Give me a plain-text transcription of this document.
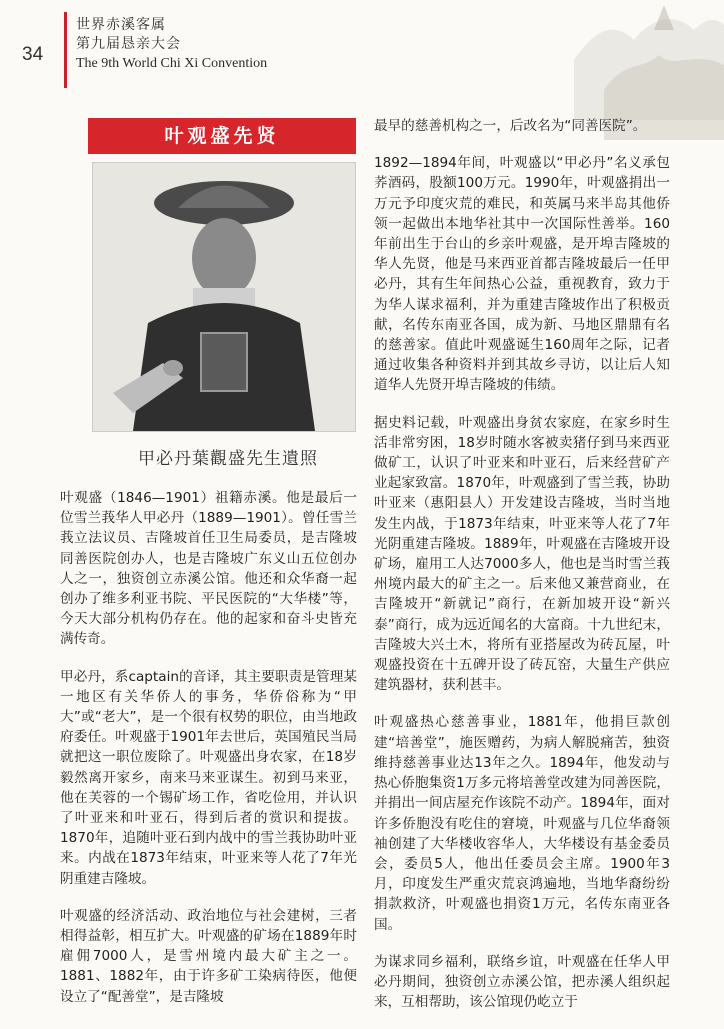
34
世界赤溪客属
第九届恳亲大会
The 9th World Chi Xi Convention
叶观盛先贤
甲必丹葉觀盛先生遺照

叶观盛（1846—1901）祖籍赤溪。他是最后一位雪兰莪华人甲必丹（1889—1901）。曾任雪兰莪立法议员、吉隆坡首任卫生局委员，是吉隆坡同善医院创办人，也是吉隆坡广东义山五位创办人之一，独资创立赤溪公馆。他还和众华裔一起创办了维多利亚书院、平民医院的“大华楼”等，今天大部分机构仍存在。他的起家和奋斗史皆充满传奇。

甲必丹，系captain的音译，其主要职责是管理某一地区有关华侨人的事务，华侨俗称为“甲大”或“老大”，是一个很有权势的职位，由当地政府委任。叶观盛于1901年去世后，英国殖民当局就把这一职位废除了。叶观盛出身农家，在18岁毅然离开家乡，南来马来亚谋生。初到马来亚，他在芙蓉的一个锡矿场工作，省吃俭用，并认识了叶亚来和叶亚石，得到后者的赏识和提拔。1870年，追随叶亚石到内战中的雪兰莪协助叶亚来。内战在1873年结束，叶亚来等人花了7年光阴重建吉隆坡。

叶观盛的经济活动、政治地位与社会建树，三者相得益彰，相互扩大。叶观盛的矿场在1889年时雇佣7000人，是雪州境内最大矿主之一。1881、1882年，由于许多矿工染病待医，他便设立了“配善堂”，是吉隆坡

最早的慈善机构之一，后改名为“同善医院”。

1892—1894年间，叶观盛以“甲必丹”名义承包荞酒码，股额100万元。1990年，叶观盛捐出一万元予印度灾荒的难民，和英属马来半岛其他侨领一起做出本地华社其中一次国际性善举。160年前出生于台山的乡亲叶观盛，是开埠吉隆坡的华人先贤，他是马来西亚首都吉隆坡最后一任甲必丹，其有生年间热心公益，重视教育，致力于为华人谋求福利，并为重建吉隆坡作出了积极贡献，名传东南亚各国，成为新、马地区鼎鼎有名的慈善家。值此叶观盛诞生160周年之际，记者通过收集各种资料并到其故乡寻访，以让后人知道华人先贤开埠吉隆坡的伟绩。

据史料记载，叶观盛出身贫农家庭，在家乡时生活非常穷困，18岁时随水客被卖猪仔到马来西亚做矿工，认识了叶亚来和叶亚石，后来经营矿产业起家致富。1870年，叶观盛到了雪兰莪，协助叶亚来（惠阳县人）开发建设吉隆坡，当时当地发生内战，于1873年结束，叶亚来等人花了7年光阴重建吉隆坡。1889年，叶观盛在吉隆坡开设矿场，雇用工人达7000多人，他也是当时雪兰莪州境内最大的矿主之一。后来他又兼营商业，在吉隆坡开“新就记”商行，在新加坡开设“新兴泰”商行，成为远近闻名的大富商。十九世纪末，吉隆坡大兴土木，将所有亚搭屋改为砖瓦屋，叶观盛投资在十五碑开设了砖瓦窑，大量生产供应建筑器材，获利甚丰。

叶观盛热心慈善事业，1881年，他捐巨款创建“培善堂”，施医赠药，为病人解脱痛苦，独资维持慈善事业达13年之久。1894年，他发动与热心侨胞集资1万多元将培善堂改建为同善医院，并捐出一间店屋充作该院不动产。1894年，面对许多侨胞没有吃住的窘境，叶观盛与几位华裔领袖创建了大华楼收容华人，大华楼设有基金委员会，委员5人，他出任委员会主席。1900年3月，印度发生严重灾荒哀鸿遍地，当地华裔纷纷捐款救济，叶观盛也捐资1万元，名传东南亚各国。

为谋求同乡福利，联络乡谊，叶观盛在任华人甲必丹期间，独资创立赤溪公馆，把赤溪人组织起来，互相帮助，该公馆现仍屹立于
